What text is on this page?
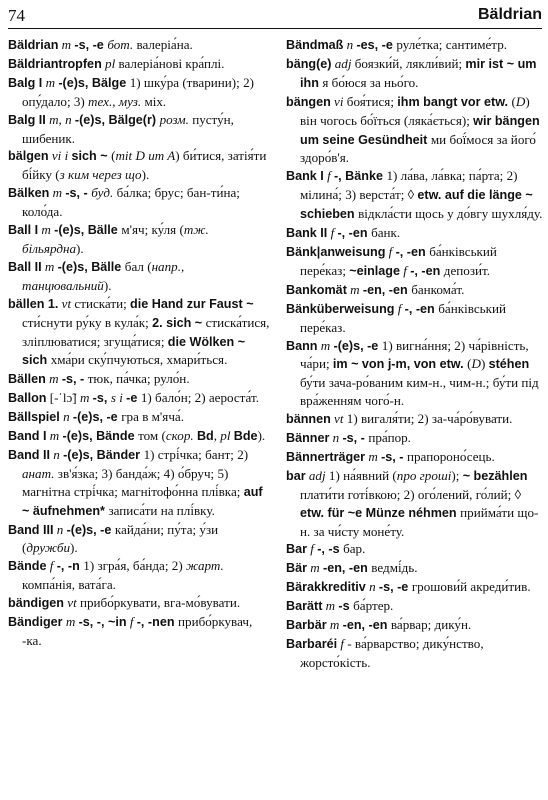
74	Bäldrian

Bäldrian m -s, -e бот. валеріа́на.

Bäldriantropfen pl валеріа́нові кра́плі.

Balg I m -(e)s, Bälge 1) шку́ра (тварини); 2) опу́дало; 3) тех., муз. міх.

Balg II m, n -(e)s, Bälge(r) розм. пусту́н, шибеник.

bälgen vi i sich ~ (mit D um A) би́тися, затія́ти бі́йку (з ким через що).

Bälken m -s, - буд. ба́лка; брус; бан-ти́на; коло́да.

Ball I m -(e)s, Bälle м'яч; ку́ля (тж. більярдна).

Ball II m -(e)s, Bälle бал (напр., танцювальний).

bällen 1. vt стиска́ти; die Hand zur Faust ~ сти́снути ру́ку в кула́к; 2. sich ~ стиска́тися, зліплюватися; згуща́тися; die Wölken ~ sich хма́ри ску́пчуються, хмари́ться.

Bällen m -s, - тюк, па́чка; руло́н.

Ballon [-ˈlɔ̃] m -s, s i -e 1) бало́н; 2) аероста́т.

Bällspiel n -(e)s, -e гра в м'яча́.

Band I m -(e)s, Bände том (скор. Bd, pl Bde).

Band II n -(e)s, Bänder 1) стрі́чка; бант; 2) анат. зв'я́зка; 3) банда́ж; 4) о́бруч; 5) магнітна стрі́чка; магнітофо́нна плі́вка; auf ~ äufnehmen* записа́ти на плі́вку.

Band III n -(e)s, -e кайда́ни; пу́та; у́зи (дружби).

Bände f -, -n 1) згра́я, ба́нда; 2) жарт. компа́нія, вата́га.

bändigen vt прибо́ркувати, вга-мо́вувати.

Bändiger m -s, -, ~in f -, -nen прибо́ркувач, -ка.

Bändmaß n -es, -e руле́тка; сантиме́тр.

bäng(e) adj боязки́й, лякли́вий; mir ist ~ um ihn я бо́юся за ньо́го.

bängen vi боя́тися; ihm bangt vor etw. (D) він чогось бо́їться (ляка́ється); wir bängen um seine Gesündheit ми бої́мося за його́ здоро́в'я.

Bank I f -, Bänke 1) ла́ва, ла́вка; па́рта; 2) мілина́; 3) верста́т; ◊ etw. auf die länge ~ schieben відкла́сти щось у до́вгу шухля́ду.

Bank II f -, -en банк.

Bänk|anweisung f -, -en ба́нківський пере́каз; ~einlage f -, -en депози́т.

Bankomät m -en, -en банкома́т.

Bänküberweisung f -, -en ба́нківський пере́каз.

Bann m -(e)s, -e 1) вигна́ння; 2) ча́рівність, ча́ри; im ~ von j-m, von etw. (D) stéhen бу́ти зача-ро́ваним ким-н., чим-н.; бу́ти під вра́женням чого́-н.

bännen vt 1) вигаля́ти; 2) за-ча́ро́вувати.

Bänner n -s, - пра́пор.

Bännerträger m -s, - прапороно́сець.

bar adj 1) на́явний (про гроші); ~ bezählen плати́ти готі́вкою; 2) ого́лений, го́лий; ◊ etw. für ~e Münze néhmen прийма́ти що-н. за чи́сту моне́ту.

Bar f -, -s бар.

Bär m -en, -en ведмі́дь.

Bärakkreditiv n -s, -e грошови́й акреди́тив.

Barätt m -s ба́ртер.

Barbär m -en, -en ва́рвар; дику́н.

Barbaréi f - ва́рварство; дику́нство, жорсто́кість.
